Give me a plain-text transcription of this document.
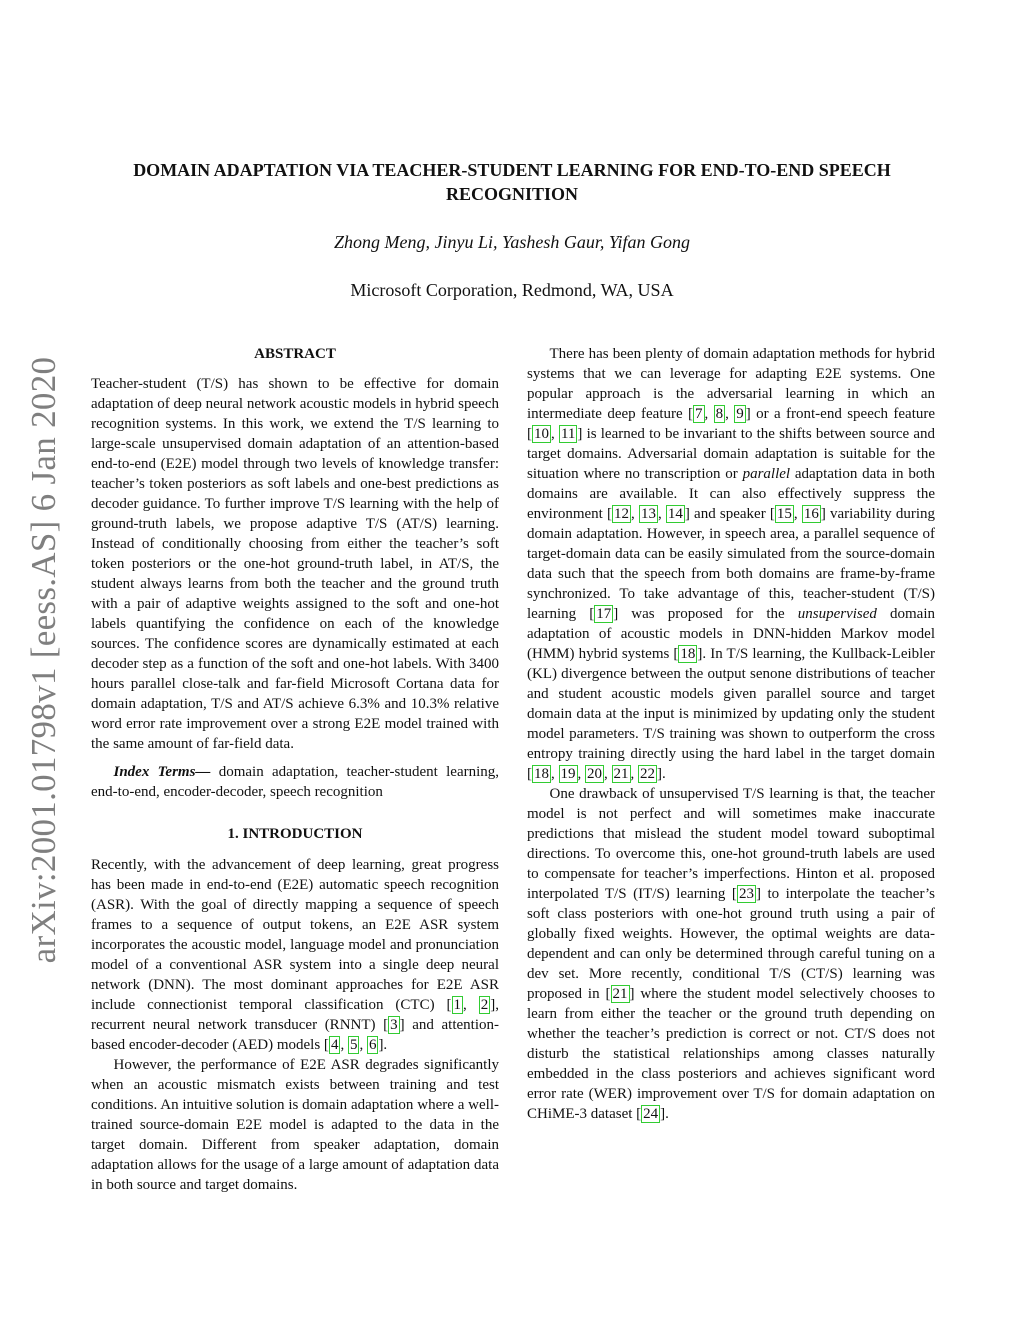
arXiv:2001.01798v1 [eess.AS] 6 Jan 2020
DOMAIN ADAPTATION VIA TEACHER-STUDENT LEARNING FOR END-TO-END SPEECH RECOGNITION
Zhong Meng, Jinyu Li, Yashesh Gaur, Yifan Gong
Microsoft Corporation, Redmond, WA, USA
ABSTRACT

Teacher-student (T/S) has shown to be effective for domain adaptation of deep neural network acoustic models in hybrid speech recognition systems. In this work, we extend the T/S learning to large-scale unsupervised domain adaptation of an attention-based end-to-end (E2E) model through two levels of knowledge transfer: teacher’s token posteriors as soft labels and one-best predictions as decoder guidance. To further improve T/S learning with the help of ground-truth labels, we propose adaptive T/S (AT/S) learning. Instead of conditionally choosing from either the teacher’s soft token posteriors or the one-hot ground-truth label, in AT/S, the student always learns from both the teacher and the ground truth with a pair of adaptive weights assigned to the soft and one-hot labels quantifying the confidence on each of the knowledge sources. The confidence scores are dynamically estimated at each decoder step as a function of the soft and one-hot labels. With 3400 hours parallel close-talk and far-field Microsoft Cortana data for domain adaptation, T/S and AT/S achieve 6.3% and 10.3% relative word error rate improvement over a strong E2E model trained with the same amount of far-field data.

Index Terms— domain adaptation, teacher-student learning, end-to-end, encoder-decoder, speech recognition

1. INTRODUCTION

Recently, with the advancement of deep learning, great progress has been made in end-to-end (E2E) automatic speech recognition (ASR). With the goal of directly mapping a sequence of speech frames to a sequence of output tokens, an E2E ASR system incorporates the acoustic model, language model and pronunciation model of a conventional ASR system into a single deep neural network (DNN). The most dominant approaches for E2E ASR include connectionist temporal classification (CTC) [ 1 , 2 ], recurrent neural network transducer (RNNT) [ 3 ] and attention-based encoder-decoder (AED) models [ 4 , 5 , 6 ].

However, the performance of E2E ASR degrades significantly when an acoustic mismatch exists between training and test conditions. An intuitive solution is domain adaptation where a well-trained source-domain E2E model is adapted to the data in the target domain. Different from speaker adaptation, domain adaptation allows for the usage of a large amount of adaptation data in both source and target domains.

There has been plenty of domain adaptation methods for hybrid systems that we can leverage for adapting E2E systems. One popular approach is the adversarial learning in which an intermediate deep feature [ 7 , 8 , 9 ] or a front-end speech feature [ 10 , 11 ] is learned to be invariant to the shifts between source and target domains. Adversarial domain adaptation is suitable for the situation where no transcription or parallel adaptation data in both domains are available. It can also effectively suppress the environment [ 12 , 13 , 14 ] and speaker [ 15 , 16 ] variability during domain adaptation. However, in speech area, a parallel sequence of target-domain data can be easily simulated from the source-domain data such that the speech from both domains are frame-by-frame synchronized. To take advantage of this, teacher-student (T/S) learning [ 17 ] was proposed for the unsupervised domain adaptation of acoustic models in DNN-hidden Markov model (HMM) hybrid systems [ 18 ]. In T/S learning, the Kullback-Leibler (KL) divergence between the output senone distributions of teacher and student acoustic models given parallel source and target domain data at the input is minimized by updating only the student model parameters. T/S training was shown to outperform the cross entropy training directly using the hard label in the target domain [ 18 , 19 , 20 , 21 , 22 ].

One drawback of unsupervised T/S learning is that, the teacher model is not perfect and will sometimes make inaccurate predictions that mislead the student model toward suboptimal directions. To overcome this, one-hot ground-truth labels are used to compensate for teacher’s imperfections. Hinton et al. proposed interpolated T/S (IT/S) learning [ 23 ] to interpolate the teacher’s soft class posteriors with one-hot ground truth using a pair of globally fixed weights. However, the optimal weights are data-dependent and can only be determined through careful tuning on a dev set. More recently, conditional T/S (CT/S) learning was proposed in [ 21 ] where the student model selectively chooses to learn from either the teacher or the ground truth depending on whether the teacher’s prediction is correct or not. CT/S does not disturb the statistical relationships among classes naturally embedded in the class posteriors and achieves significant word error rate (WER) improvement over T/S for domain adaptation on CHiME-3 dataset [ 24 ].
